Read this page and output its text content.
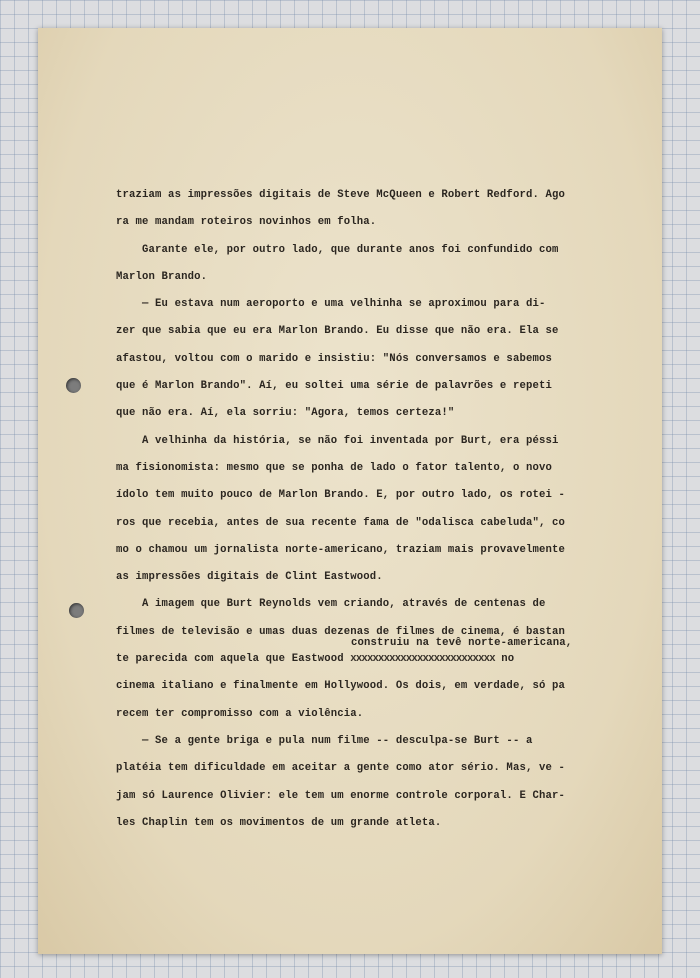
traziam as impressões digitais de Steve McQueen e Robert Redford. Ago
ra me mandam roteiros novinhos em folha.
Garante ele, por outro lado, que durante anos foi confundido com
Marlon Brando.
— Eu estava num aeroporto e uma velhinha se aproximou para di-
zer que sabia que eu era Marlon Brando. Eu disse que não era. Ela se
afastou, voltou com o marido e insistiu: "Nós conversamos e sabemos
que é Marlon Brando". Aí, eu soltei uma série de palavrões e repeti
que não era. Aí, ela sorriu: "Agora, temos certeza!"
A velhinha da história, se não foi inventada por Burt, era péssi
ma fisionomista: mesmo que se ponha de lado o fator talento, o novo
ídolo tem muito pouco de Marlon Brando. E, por outro lado, os rotei -
ros que recebia, antes de sua recente fama de "odalisca cabeluda", co
mo o chamou um jornalista norte-americano, traziam mais provavelmente
as impressões digitais de Clint Eastwood.
A imagem que Burt Reynolds vem criando, através de centenas de
filmes de televisão e umas duas dezenas de filmes de cinema, é bastan
construiu na tevê norte-americana,
te parecida com aquela que Eastwood xxxxxxxxxxxxxxxxxxxxxxxxxx no
cinema italiano e finalmente em Hollywood. Os dois, em verdade, só pa
recem ter compromisso com a violência.
— Se a gente briga e pula num filme -- desculpa-se Burt -- a
platéia tem dificuldade em aceitar a gente como ator sério. Mas, ve -
jam só Laurence Olivier: ele tem um enorme controle corporal. E Char-
les Chaplin tem os movimentos de um grande atleta.
